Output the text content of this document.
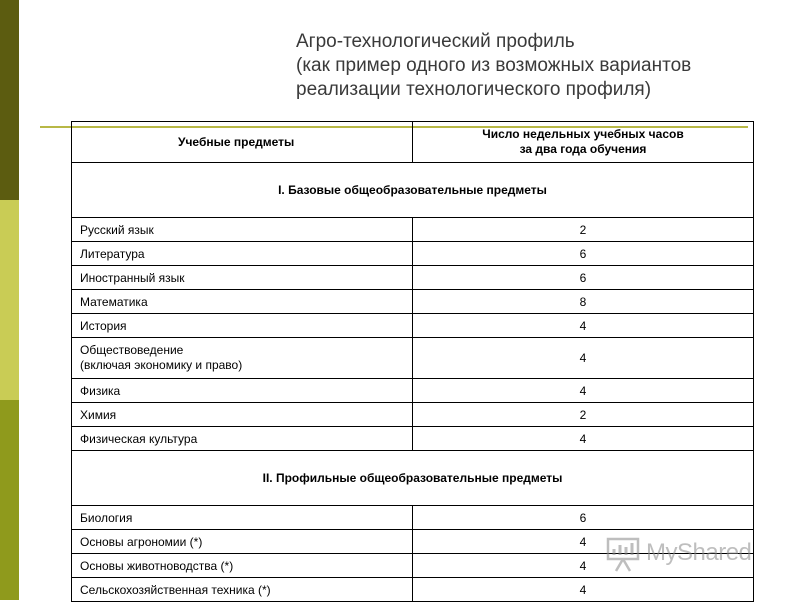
Агро-технологический профиль
(как пример одного из возможных вариантов
реализации технологического профиля)
Учебные предметы	Число недельных учебных часов
за два года обучения

I. Базовые общеобразовательные предметы	
Русский язык	2
Литература	6
Иностранный язык	6
Математика	8
История	4

Обществоведение
(включая экономику и право)	4
Физика	4
Химия	2
Физическая культура	4
II. Профильные общеобразовательные предметы	
Биология	6
Основы агрономии (*)	4
Основы животноводства (*)	4
Сельскохозяйственная техника (*)	4
MyShared
